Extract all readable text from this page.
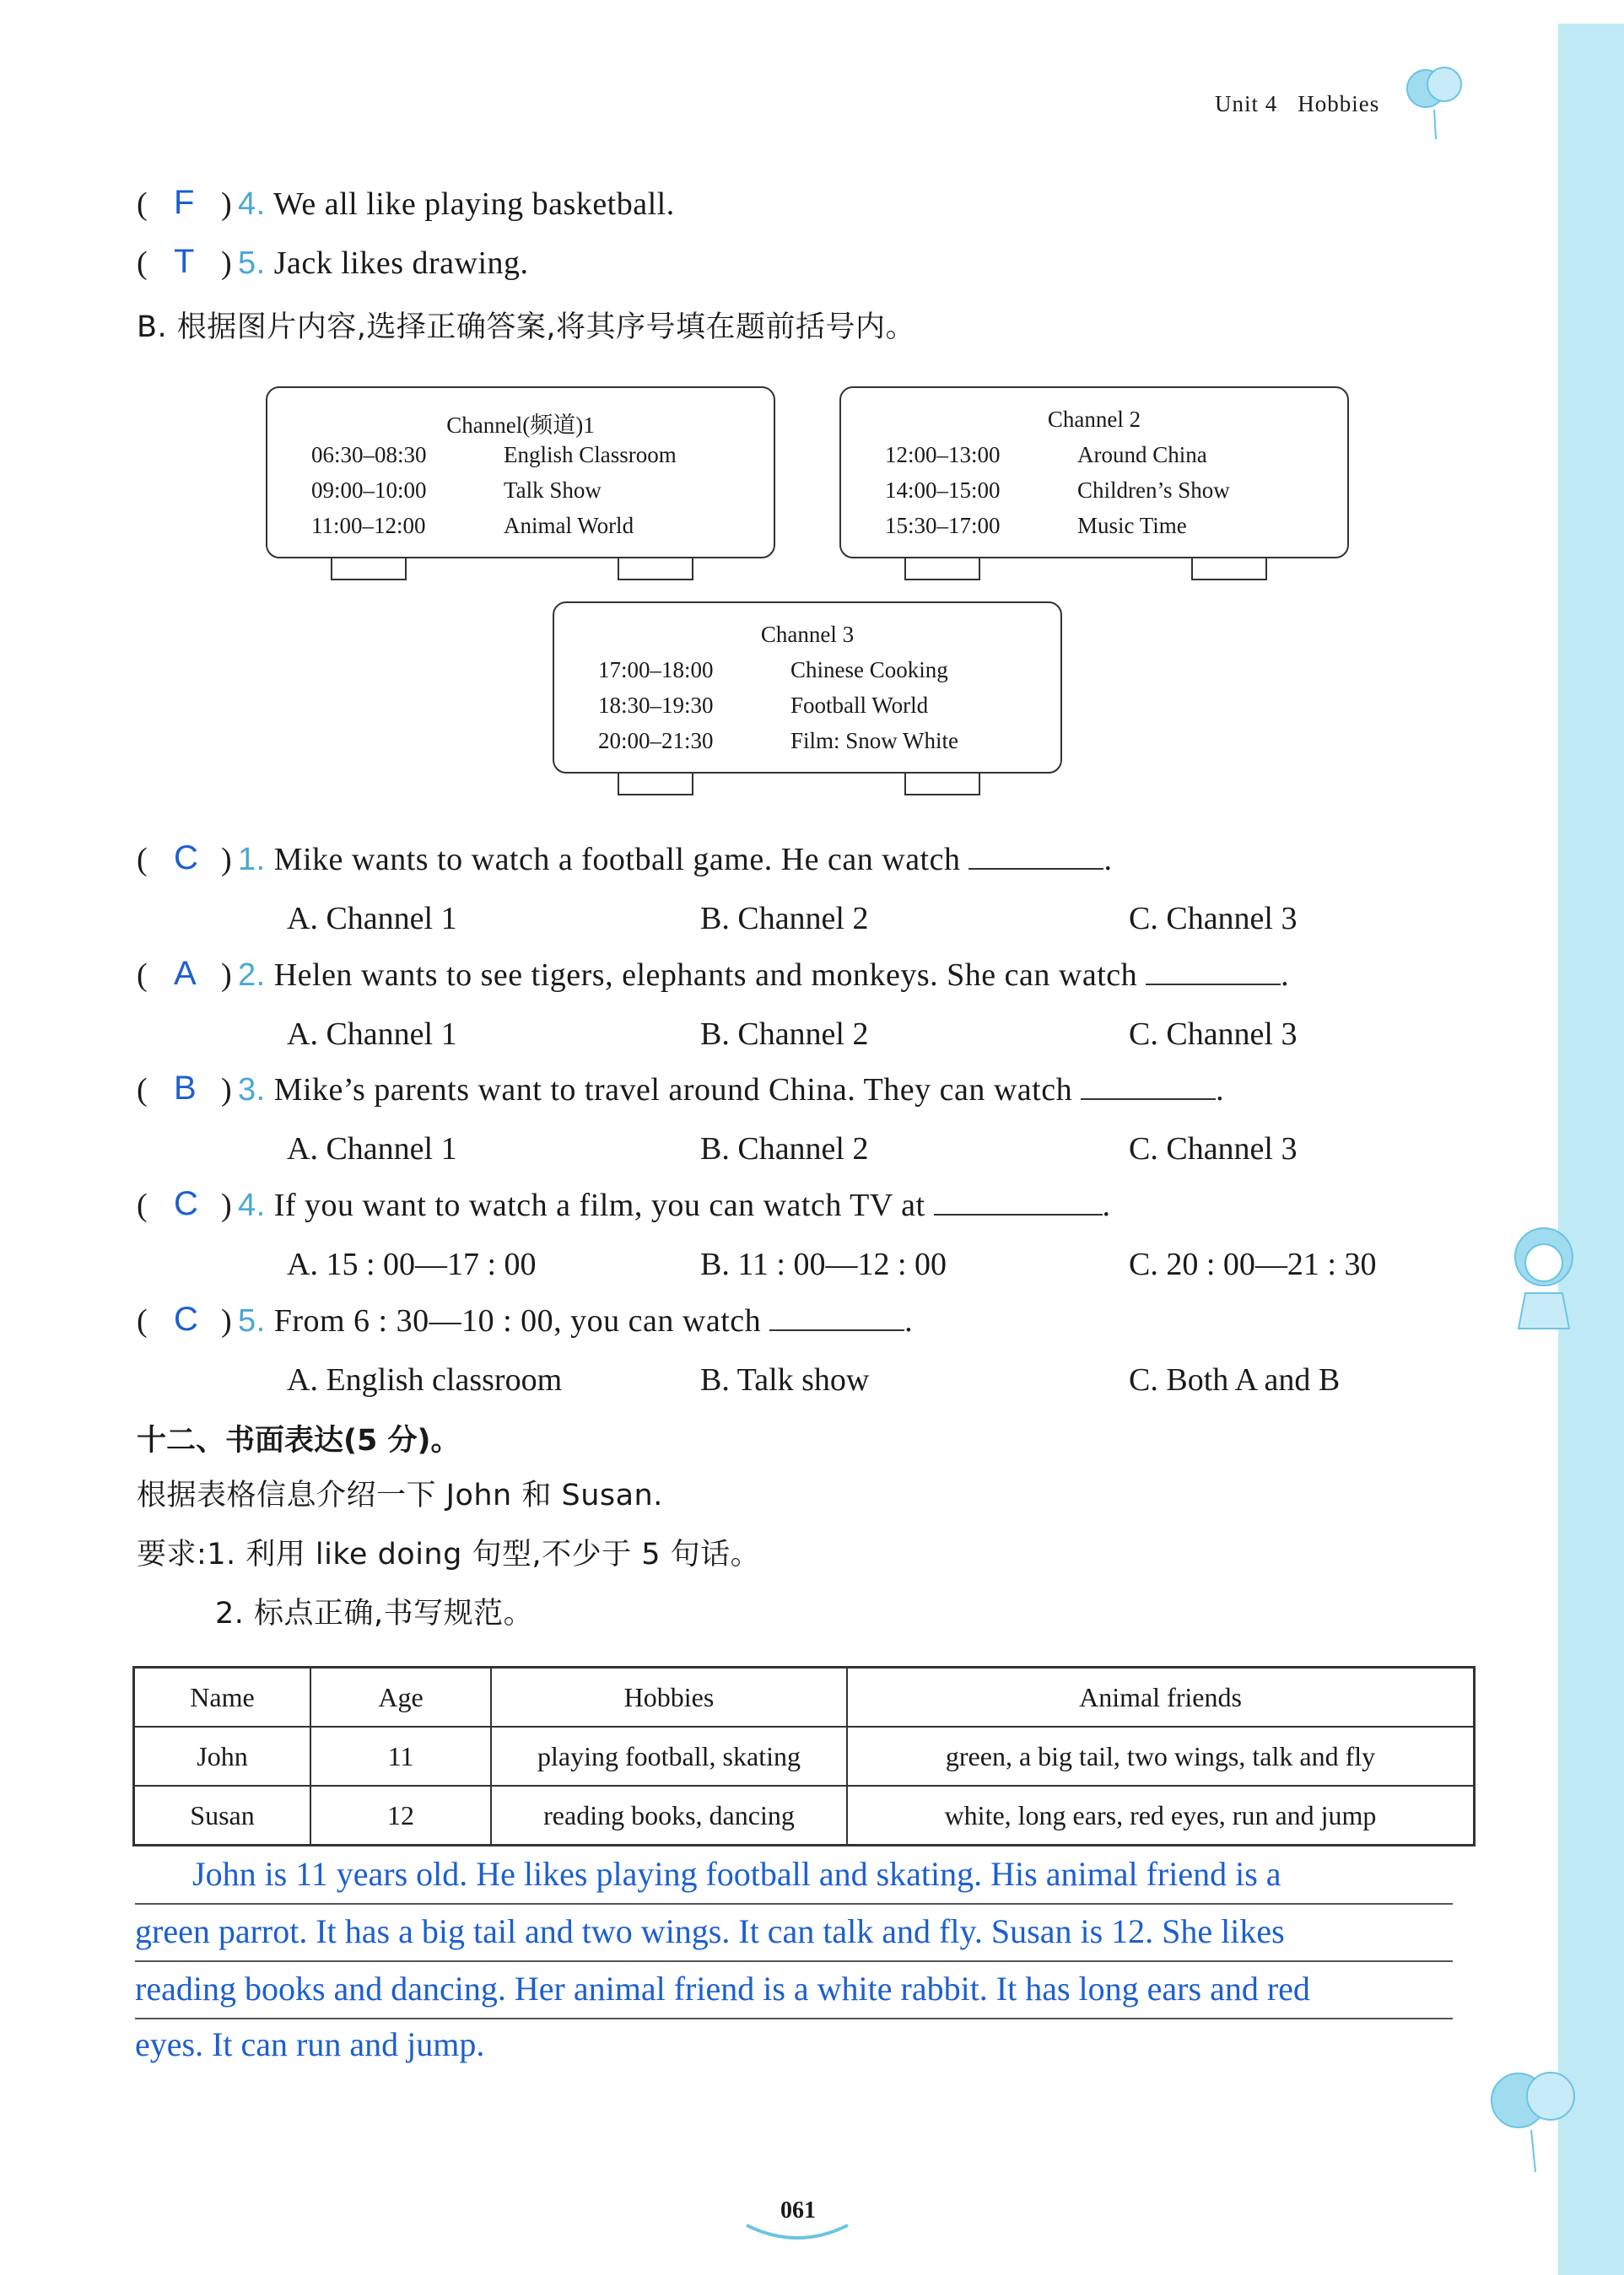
Unit 4 Hobbies
( F ) 4. We all like playing basketball.
( T ) 5. Jack likes drawing.
B. 根据图片内容,选择正确答案,将其序号填在题前括号内。
Channel(频道)1
06:30–08:30	English Classroom
09:00–10:00	Talk Show
11:00–12:00	Animal World
Channel 2
12:00–13:00	Around China
14:00–15:00	Children’s Show
15:30–17:00	Music Time
Channel 3
17:00–18:00	Chinese Cooking
18:30–19:30	Football World
20:00–21:30	Film: Snow White
( C ) 1. Mike wants to watch a football game. He can watch	.
A. Channel 1	B. Channel 2	C. Channel 3
( A ) 2. Helen wants to see tigers, elephants and monkeys. She can watch	.
A. Channel 1	B. Channel 2	C. Channel 3
( B ) 3. Mike’s parents want to travel around China. They can watch	.
A. Channel 1	B. Channel 2	C. Channel 3
( C ) 4. If you want to watch a film, you can watch TV at	.
A. 15 : 00—17 : 00	B. 11 : 00—12 : 00	C. 20 : 00—21 : 30
( C ) 5. From 6 : 30—10 : 00, you can watch	.
A. English classroom	B. Talk show	C. Both A and B
十二、书面表达(5 分)。
根据表格信息介绍一下 John 和 Susan.
要求:1. 利用 like doing 句型,不少于 5 句话。
2. 标点正确,书写规范。
Name	Age	Hobbies	Animal friends
John	11	playing football, skating	green, a big tail, two wings, talk and fly
Susan	12	reading books, dancing	white, long ears, red eyes, run and jump
John is 11 years old. He likes playing football and skating. His animal friend is a
green parrot. It has a big tail and two wings. It can talk and fly. Susan is 12. She likes
reading books and dancing. Her animal friend is a white rabbit. It has long ears and red
eyes. It can run and jump.
061
